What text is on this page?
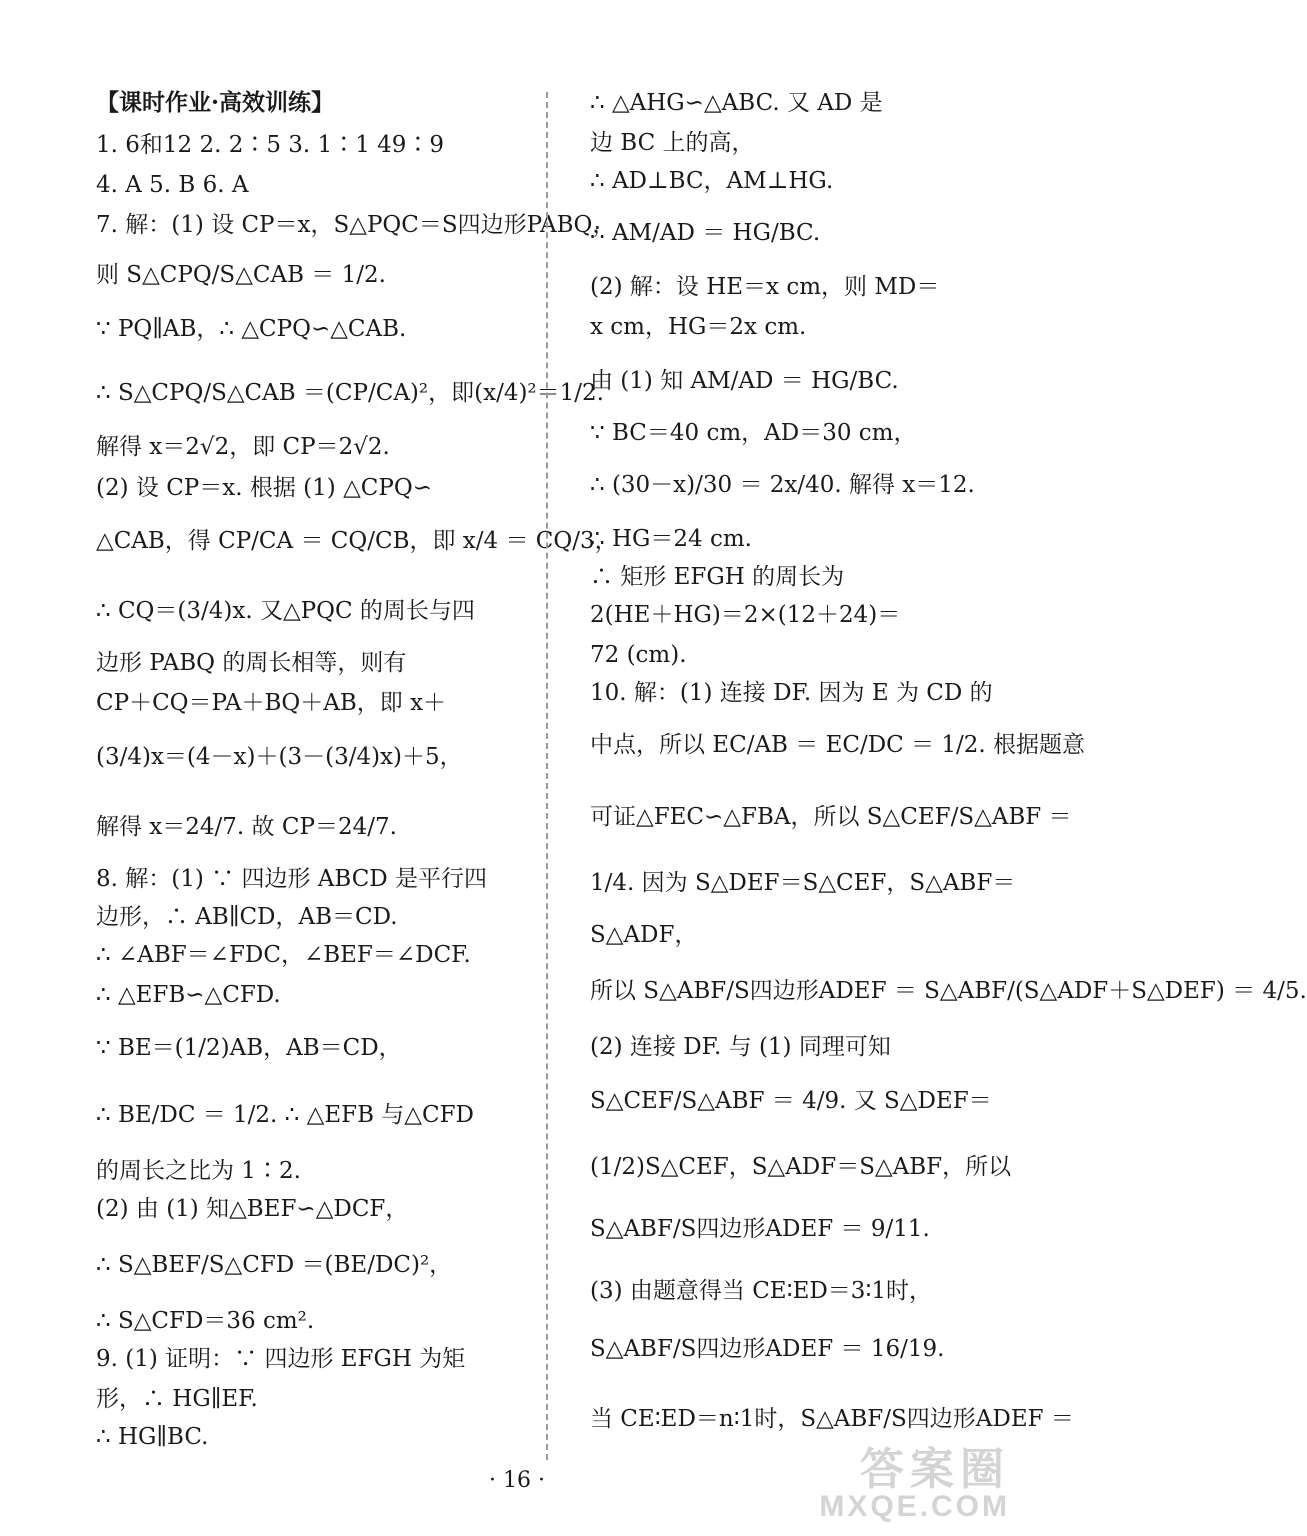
【课时作业·高效训练】
1. 6和12 2. 2∶5 3. 1∶1 49∶9
4. A 5. B 6. A
7. 解：(1) 设 CP＝x，S△PQC＝S四边形PABQ，
则 S△CPQ/S△CAB ＝ 1/2.
∵ PQ∥AB，∴ △CPQ∽△CAB.
∴ S△CPQ/S△CAB ＝(CP/CA)²，即(x/4)²＝1/2.
解得 x＝2√2，即 CP＝2√2.
(2) 设 CP＝x. 根据 (1) △CPQ∽
△CAB，得 CP/CA ＝ CQ/CB，即 x/4 ＝ CQ/3，
∴ CQ＝(3/4)x. 又△PQC 的周长与四
边形 PABQ 的周长相等，则有
CP＋CQ＝PA＋BQ＋AB，即 x＋
(3/4)x＝(4－x)＋(3－(3/4)x)＋5，
解得 x＝24/7. 故 CP＝24/7.
8. 解：(1) ∵ 四边形 ABCD 是平行四
边形，∴ AB∥CD，AB＝CD.
∴ ∠ABF＝∠FDC，∠BEF＝∠DCF.
∴ △EFB∽△CFD.
∵ BE＝(1/2)AB，AB＝CD，
∴ BE/DC ＝ 1/2. ∴ △EFB 与△CFD
的周长之比为 1∶2.
(2) 由 (1) 知△BEF∽△DCF，
∴ S△BEF/S△CFD ＝(BE/DC)²，
∴ S△CFD＝36 cm².
9. (1) 证明：∵ 四边形 EFGH 为矩
形，∴ HG∥EF.
∴ HG∥BC.
∴ △AHG∽△ABC. 又 AD 是
边 BC 上的高，
∴ AD⊥BC，AM⊥HG.
∴ AM/AD ＝ HG/BC.
(2) 解：设 HE＝x cm，则 MD＝
x cm，HG＝2x cm.
由 (1) 知 AM/AD ＝ HG/BC.
∵ BC＝40 cm，AD＝30 cm，
∴ (30－x)/30 ＝ 2x/40. 解得 x＝12.
∴ HG＝24 cm.
∴ 矩形 EFGH 的周长为
2(HE＋HG)＝2×(12＋24)＝
72 (cm).
10. 解：(1) 连接 DF. 因为 E 为 CD 的
中点，所以 EC/AB ＝ EC/DC ＝ 1/2. 根据题意
可证△FEC∽△FBA，所以 S△CEF/S△ABF ＝
1/4. 因为 S△DEF＝S△CEF，S△ABF＝
S△ADF，
所以 S△ABF/S四边形ADEF ＝ S△ABF/(S△ADF＋S△DEF) ＝ 4/5.
(2) 连接 DF. 与 (1) 同理可知
S△CEF/S△ABF ＝ 4/9. 又 S△DEF＝
(1/2)S△CEF，S△ADF＝S△ABF，所以
S△ABF/S四边形ADEF ＝ 9/11.
(3) 由题意得当 CE∶ED＝3∶1时，
S△ABF/S四边形ADEF ＝ 16/19.
当 CE∶ED＝n∶1时，S△ABF/S四边形ADEF ＝
· 16 ·	答案圈
MXQE.COM
